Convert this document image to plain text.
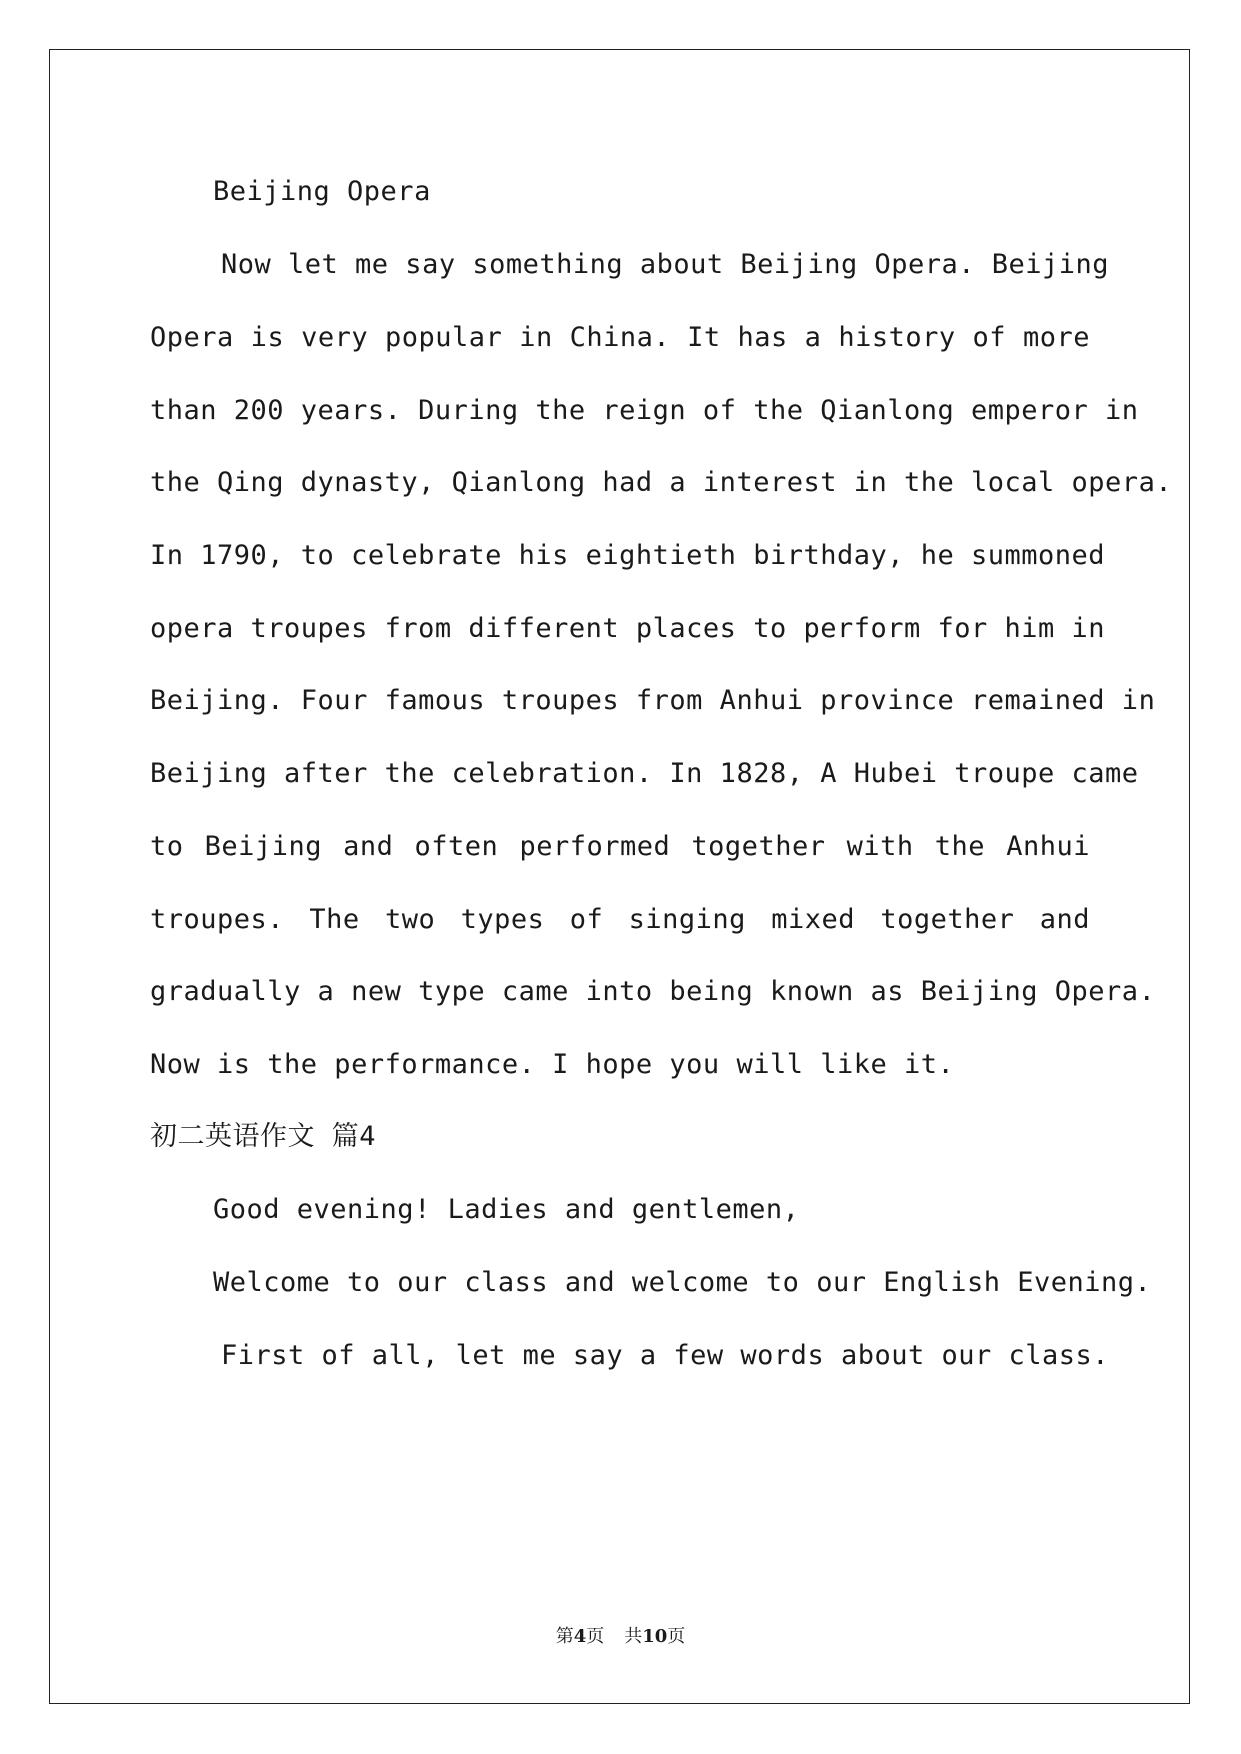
Beijing Opera
Now let me say something about Beijing Opera. Beijing
Opera is very popular in China. It has a history of more
than 200 years. During the reign of the Qianlong emperor in
the Qing dynasty, Qianlong had a interest in the local opera.
In 1790, to celebrate his eightieth birthday, he summoned
opera troupes from different places to perform for him in
Beijing. Four famous troupes from Anhui province remained in
Beijing after the celebration. In 1828, A Hubei troupe came
to Beijing and often performed together with the Anhui
troupes. The two types of singing mixed together and
gradually a new type came into being known as Beijing Opera.
Now is the performance. I hope you will like it.
初二英语作文 篇4
Good evening! Ladies and gentlemen,
Welcome to our class and welcome to our English Evening.
First of all, let me say a few words about our class.
第4页 共10页
